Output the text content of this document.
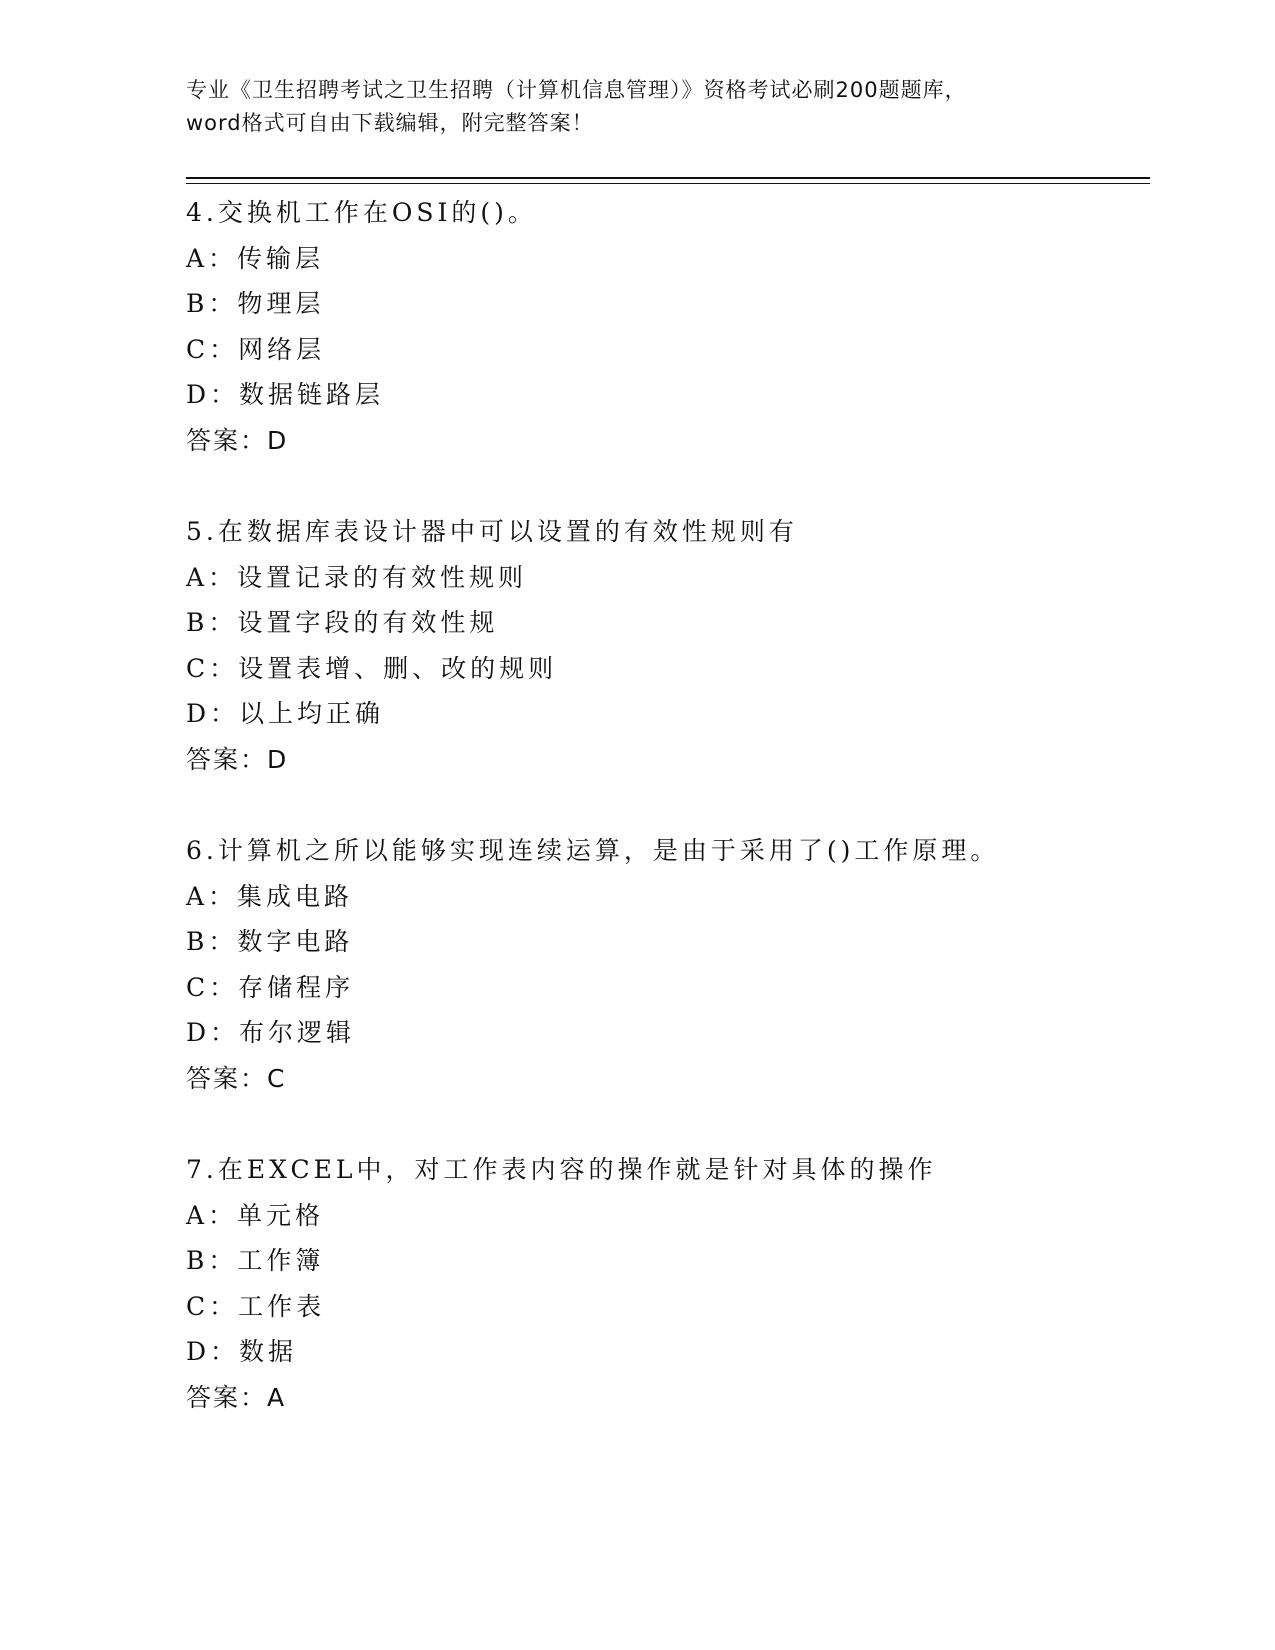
专业《卫生招聘考试之卫生招聘（计算机信息管理）》资格考试必刷200题题库，
word格式可自由下载编辑，附完整答案！
4.交换机工作在OSI的()。
A：传输层
B：物理层
C：网络层
D：数据链路层
答案：D
5.在数据库表设计器中可以设置的有效性规则有
A：设置记录的有效性规则
B：设置字段的有效性规
C：设置表增、删、改的规则
D：以上均正确
答案：D
6.计算机之所以能够实现连续运算，是由于采用了()工作原理。
A：集成电路
B：数字电路
C：存储程序
D：布尔逻辑
答案：C
7.在EXCEL中，对工作表内容的操作就是针对具体的操作
A：单元格
B：工作簿
C：工作表
D：数据
答案：A
